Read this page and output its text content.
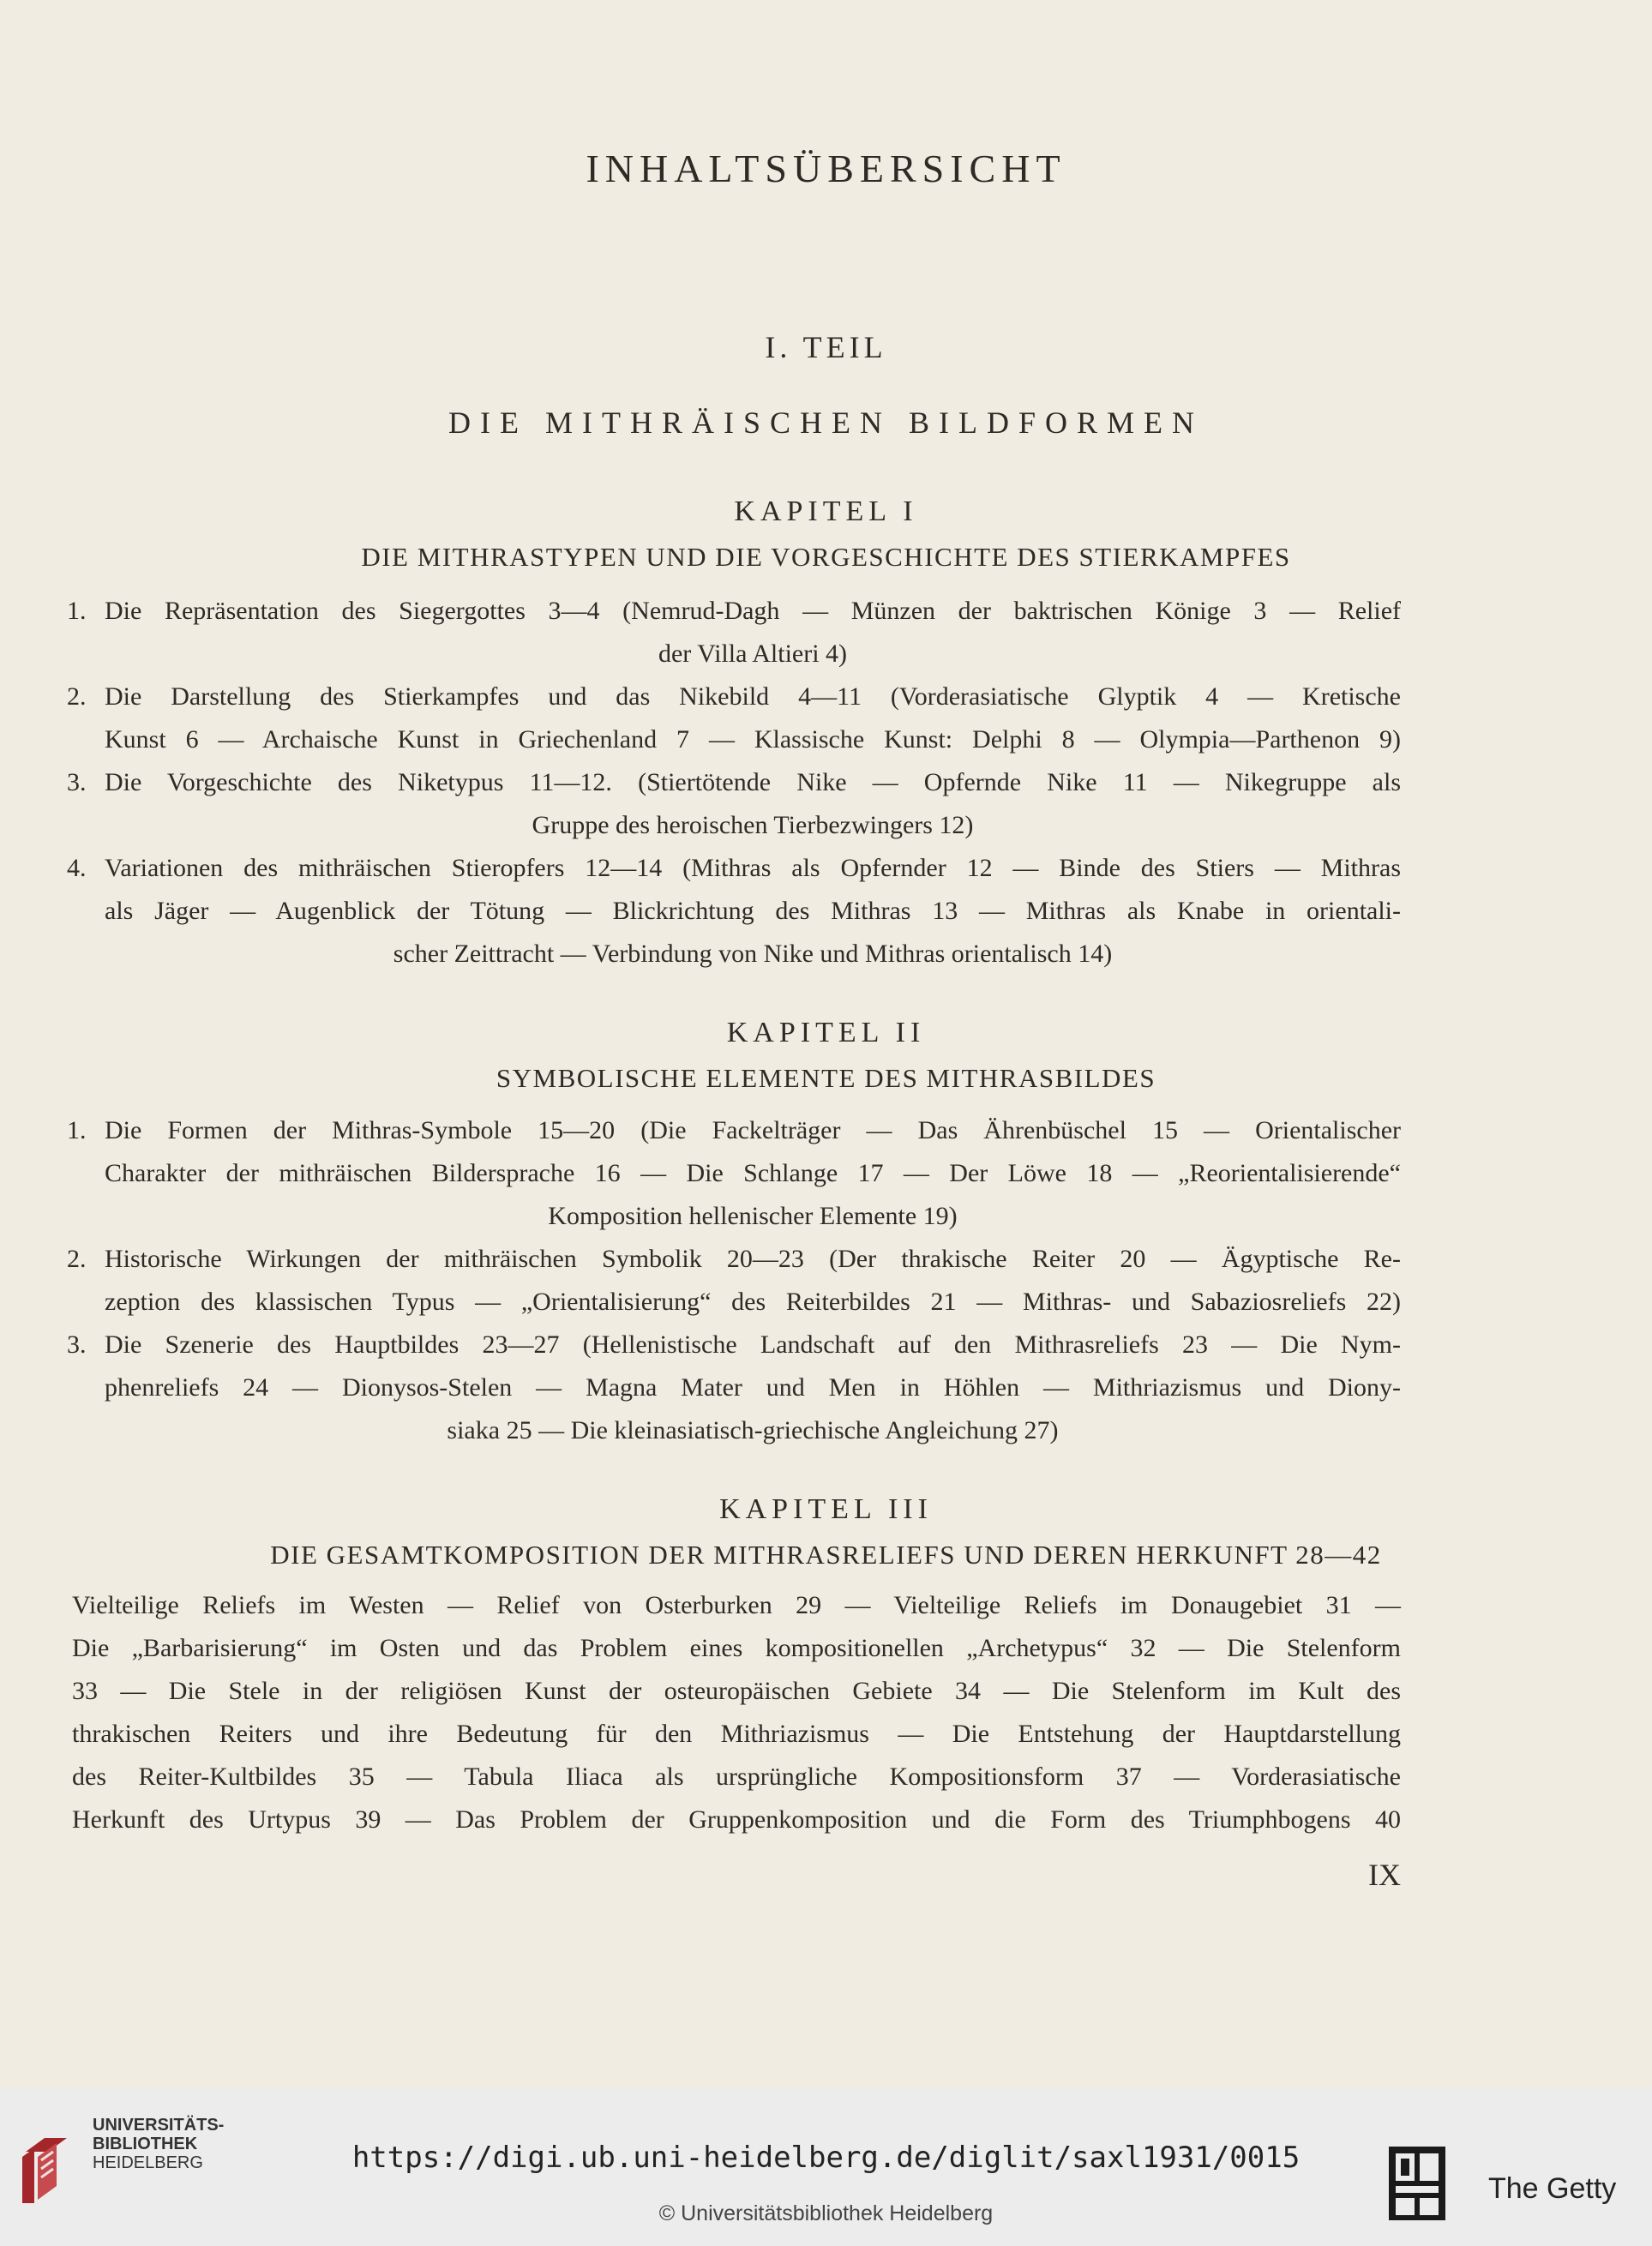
INHALTSÜBERSICHT
I. TEIL
DIE MITHRÄISCHEN BILDFORMEN
KAPITEL I
DIE MITHRASTYPEN UND DIE VORGESCHICHTE DES STIERKAMPFES
1. Die Repräsentation des Siegergottes 3—4 (Nemrud-Dagh — Münzen der baktrischen Könige 3 — Relief
der Villa Altieri 4)
2. Die Darstellung des Stierkampfes und das Nikebild 4—11 (Vorderasiatische Glyptik 4 — Kretische
Kunst 6 — Archaische Kunst in Griechenland 7 — Klassische Kunst: Delphi 8 — Olympia—Parthenon 9)
3. Die Vorgeschichte des Niketypus 11—12. (Stiertötende Nike — Opfernde Nike 11 — Nikegruppe als
Gruppe des heroischen Tierbezwingers 12)
4. Variationen des mithräischen Stieropfers 12—14 (Mithras als Opfernder 12 — Binde des Stiers — Mithras
als Jäger — Augenblick der Tötung — Blickrichtung des Mithras 13 — Mithras als Knabe in orientali-
scher Zeittracht — Verbindung von Nike und Mithras orientalisch 14)
KAPITEL II
SYMBOLISCHE ELEMENTE DES MITHRASBILDES
1. Die Formen der Mithras-Symbole 15—20 (Die Fackelträger — Das Ährenbüschel 15 — Orientalischer
Charakter der mithräischen Bildersprache 16 — Die Schlange 17 — Der Löwe 18 — „Reorientalisierende“
Komposition hellenischer Elemente 19)
2. Historische Wirkungen der mithräischen Symbolik 20—23 (Der thrakische Reiter 20 — Ägyptische Re-
zeption des klassischen Typus — „Orientalisierung“ des Reiterbildes 21 — Mithras- und Sabaziosreliefs 22)
3. Die Szenerie des Hauptbildes 23—27 (Hellenistische Landschaft auf den Mithrasreliefs 23 — Die Nym-
phenreliefs 24 — Dionysos-Stelen — Magna Mater und Men in Höhlen — Mithriazismus und Diony-
siaka 25 — Die kleinasiatisch-griechische Angleichung 27)
KAPITEL III
DIE GESAMTKOMPOSITION DER MITHRASRELIEFS UND DEREN HERKUNFT 28—42
Vielteilige Reliefs im Westen — Relief von Osterburken 29 — Vielteilige Reliefs im Donaugebiet 31 —
Die „Barbarisierung“ im Osten und das Problem eines kompositionellen „Archetypus“ 32 — Die Stelenform
33 — Die Stele in der religiösen Kunst der osteuropäischen Gebiete 34 — Die Stelenform im Kult des
thrakischen Reiters und ihre Bedeutung für den Mithriazismus — Die Entstehung der Hauptdarstellung
des Reiter-Kultbildes 35 — Tabula Iliaca als ursprüngliche Kompositionsform 37 — Vorderasiatische
Herkunft des Urtypus 39 — Das Problem der Gruppenkomposition und die Form des Triumphbogens 40
IX
UNIVERSITÄTS-
BIBLIOTHEK
HEIDELBERG	https://digi.ub.uni-heidelberg.de/diglit/saxl1931/0015
© Universitätsbibliothek Heidelberg
The Getty
